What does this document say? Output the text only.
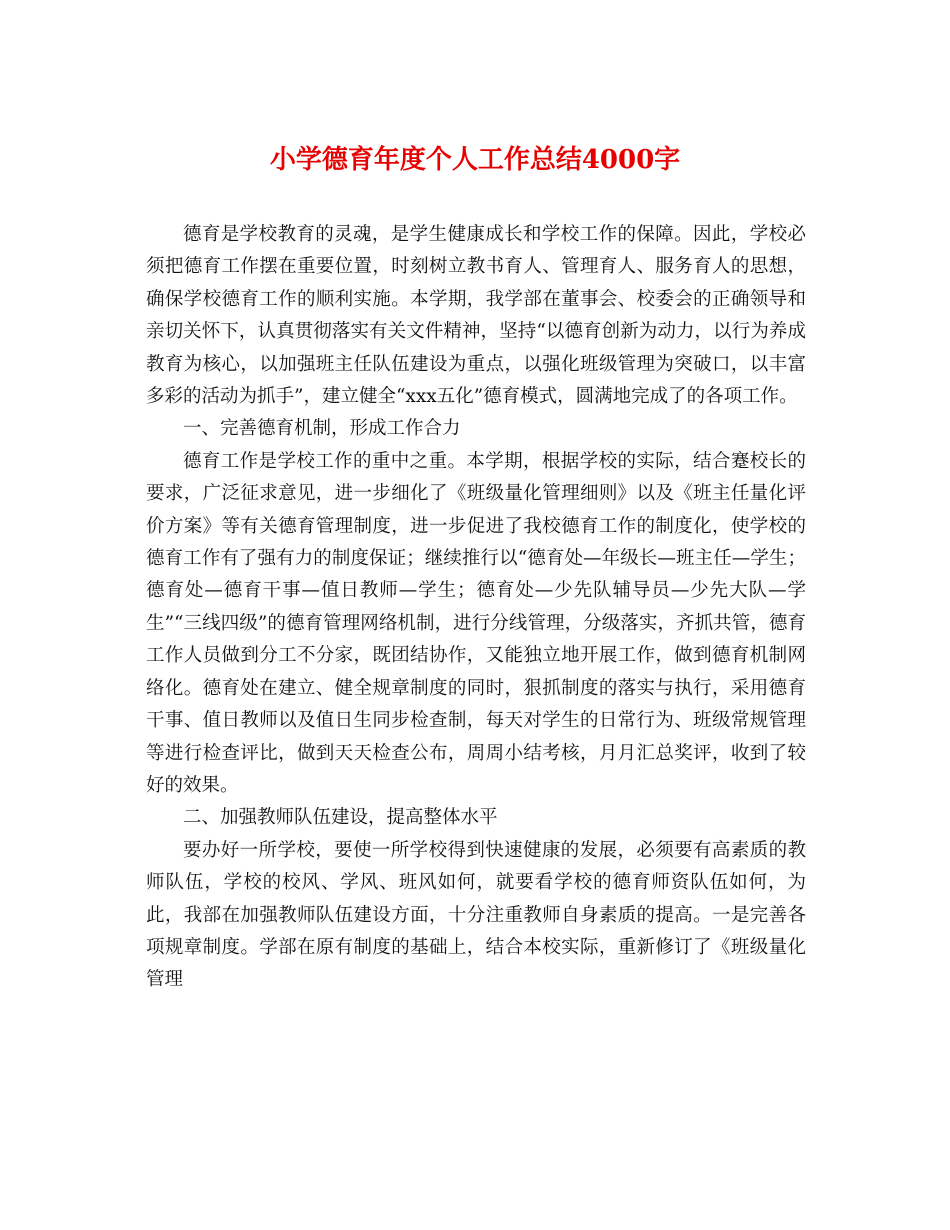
小学德育年度个人工作总结4000字

德育是学校教育的灵魂，是学生健康成长和学校工作的保障。因此，学校必须把德育工作摆在重要位置，时刻树立教书育人、管理育人、服务育人的思想，确保学校德育工作的顺利实施。本学期，我学部在董事会、校委会的正确领导和亲切关怀下，认真贯彻落实有关文件精神，坚持“以德育创新为动力，以行为养成教育为核心，以加强班主任队伍建设为重点，以强化班级管理为突破口，以丰富多彩的活动为抓手”，建立健全“xxx五化”德育模式，圆满地完成了的各项工作。

一、完善德育机制，形成工作合力

德育工作是学校工作的重中之重。本学期，根据学校的实际，结合蹇校长的要求，广泛征求意见，进一步细化了《班级量化管理细则》以及《班主任量化评价方案》等有关德育管理制度，进一步促进了我校德育工作的制度化，使学校的德育工作有了强有力的制度保证；继续推行以“德育处—年级长—班主任—学生；德育处—德育干事—值日教师—学生；德育处—少先队辅导员—少先大队—学生”“三线四级”的德育管理网络机制，进行分线管理，分级落实，齐抓共管，德育工作人员做到分工不分家，既团结协作，又能独立地开展工作，做到德育机制网络化。德育处在建立、健全规章制度的同时，狠抓制度的落实与执行，采用德育干事、值日教师以及值日生同步检查制，每天对学生的日常行为、班级常规管理等进行检查评比，做到天天检查公布，周周小结考核，月月汇总奖评，收到了较好的效果。

二、加强教师队伍建设，提高整体水平

要办好一所学校，要使一所学校得到快速健康的发展，必须要有高素质的教师队伍，学校的校风、学风、班风如何，就要看学校的德育师资队伍如何，为此，我部在加强教师队伍建设方面，十分注重教师自身素质的提高。一是完善各项规章制度。学部在原有制度的基础上，结合本校实际，重新修订了《班级量化管理
